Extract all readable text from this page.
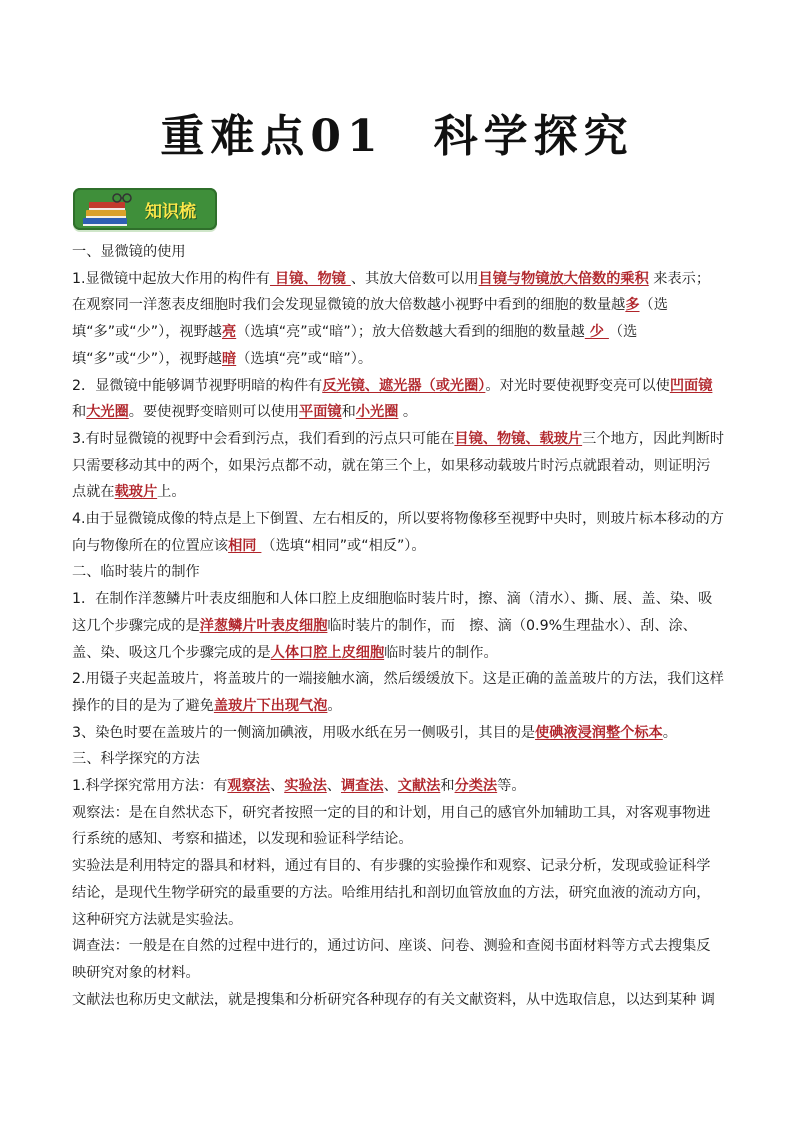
重难点01　科学探究
知识梳

一、显微镜的使用

1.显微镜中起放大作用的构件有 目镜、物镜 、其放大倍数可以用目镜与物镜放大倍数的乘积 来表示；在观察同一洋葱表皮细胞时我们会发现显微镜的放大倍数越小视野中看到的细胞的数量越多（选填“多”或“少”），视野越亮（选填“亮”或“暗”）；放大倍数越大看到的细胞的数量越 少 （选填“多”或“少”），视野越暗（选填“亮”或“暗”）。

2．显微镜中能够调节视野明暗的构件有反光镜、遮光器（或光圈）。对光时要使视野变亮可以使凹面镜和大光圈。要使视野变暗则可以使用平面镜和小光圈 。

3.有时显微镜的视野中会看到污点，我们看到的污点只可能在目镜、物镜、载玻片三个地方，因此判断时只需要移动其中的两个，如果污点都不动，就在第三个上，如果移动载玻片时污点就跟着动，则证明污点就在载玻片上。

4.由于显微镜成像的特点是上下倒置、左右相反的，所以要将物像移至视野中央时，则玻片标本移动的方向与物像所在的位置应该相同 （选填“相同”或“相反”）。

二、临时装片的制作

1．在制作洋葱鳞片叶表皮细胞和人体口腔上皮细胞临时装片时，擦、滴（清水）、撕、展、盖、染、吸这几个步骤完成的是洋葱鳞片叶表皮细胞临时装片的制作，而　擦、滴（0.9%生理盐水）、刮、涂、盖、染、吸这几个步骤完成的是人体口腔上皮细胞临时装片的制作。

2.用镊子夹起盖玻片，将盖玻片的一端接触水滴，然后缓缓放下。这是正确的盖盖玻片的方法，我们这样操作的目的是为了避免盖玻片下出现气泡。

3、染色时要在盖玻片的一侧滴加碘液，用吸水纸在另一侧吸引，其目的是使碘液浸润整个标本。

三、科学探究的方法

1.科学探究常用方法：有观察法、实验法、调查法、文献法和分类法等。

观察法：是在自然状态下，研究者按照一定的目的和计划，用自己的感官外加辅助工具，对客观事物进行系统的感知、考察和描述，以发现和验证科学结论。

实验法是利用特定的器具和材料，通过有目的、有步骤的实验操作和观察、记录分析，发现或验证科学结论，是现代生物学研究的最重要的方法。哈维用结扎和剖切血管放血的方法，研究血液的流动方向，这种研究方法就是实验法。

调查法：一般是在自然的过程中进行的，通过访问、座谈、问卷、测验和查阅书面材料等方式去搜集反映研究对象的材料。

文献法也称历史文献法，就是搜集和分析研究各种现存的有关文献资料，从中选取信息，以达到某种 调
